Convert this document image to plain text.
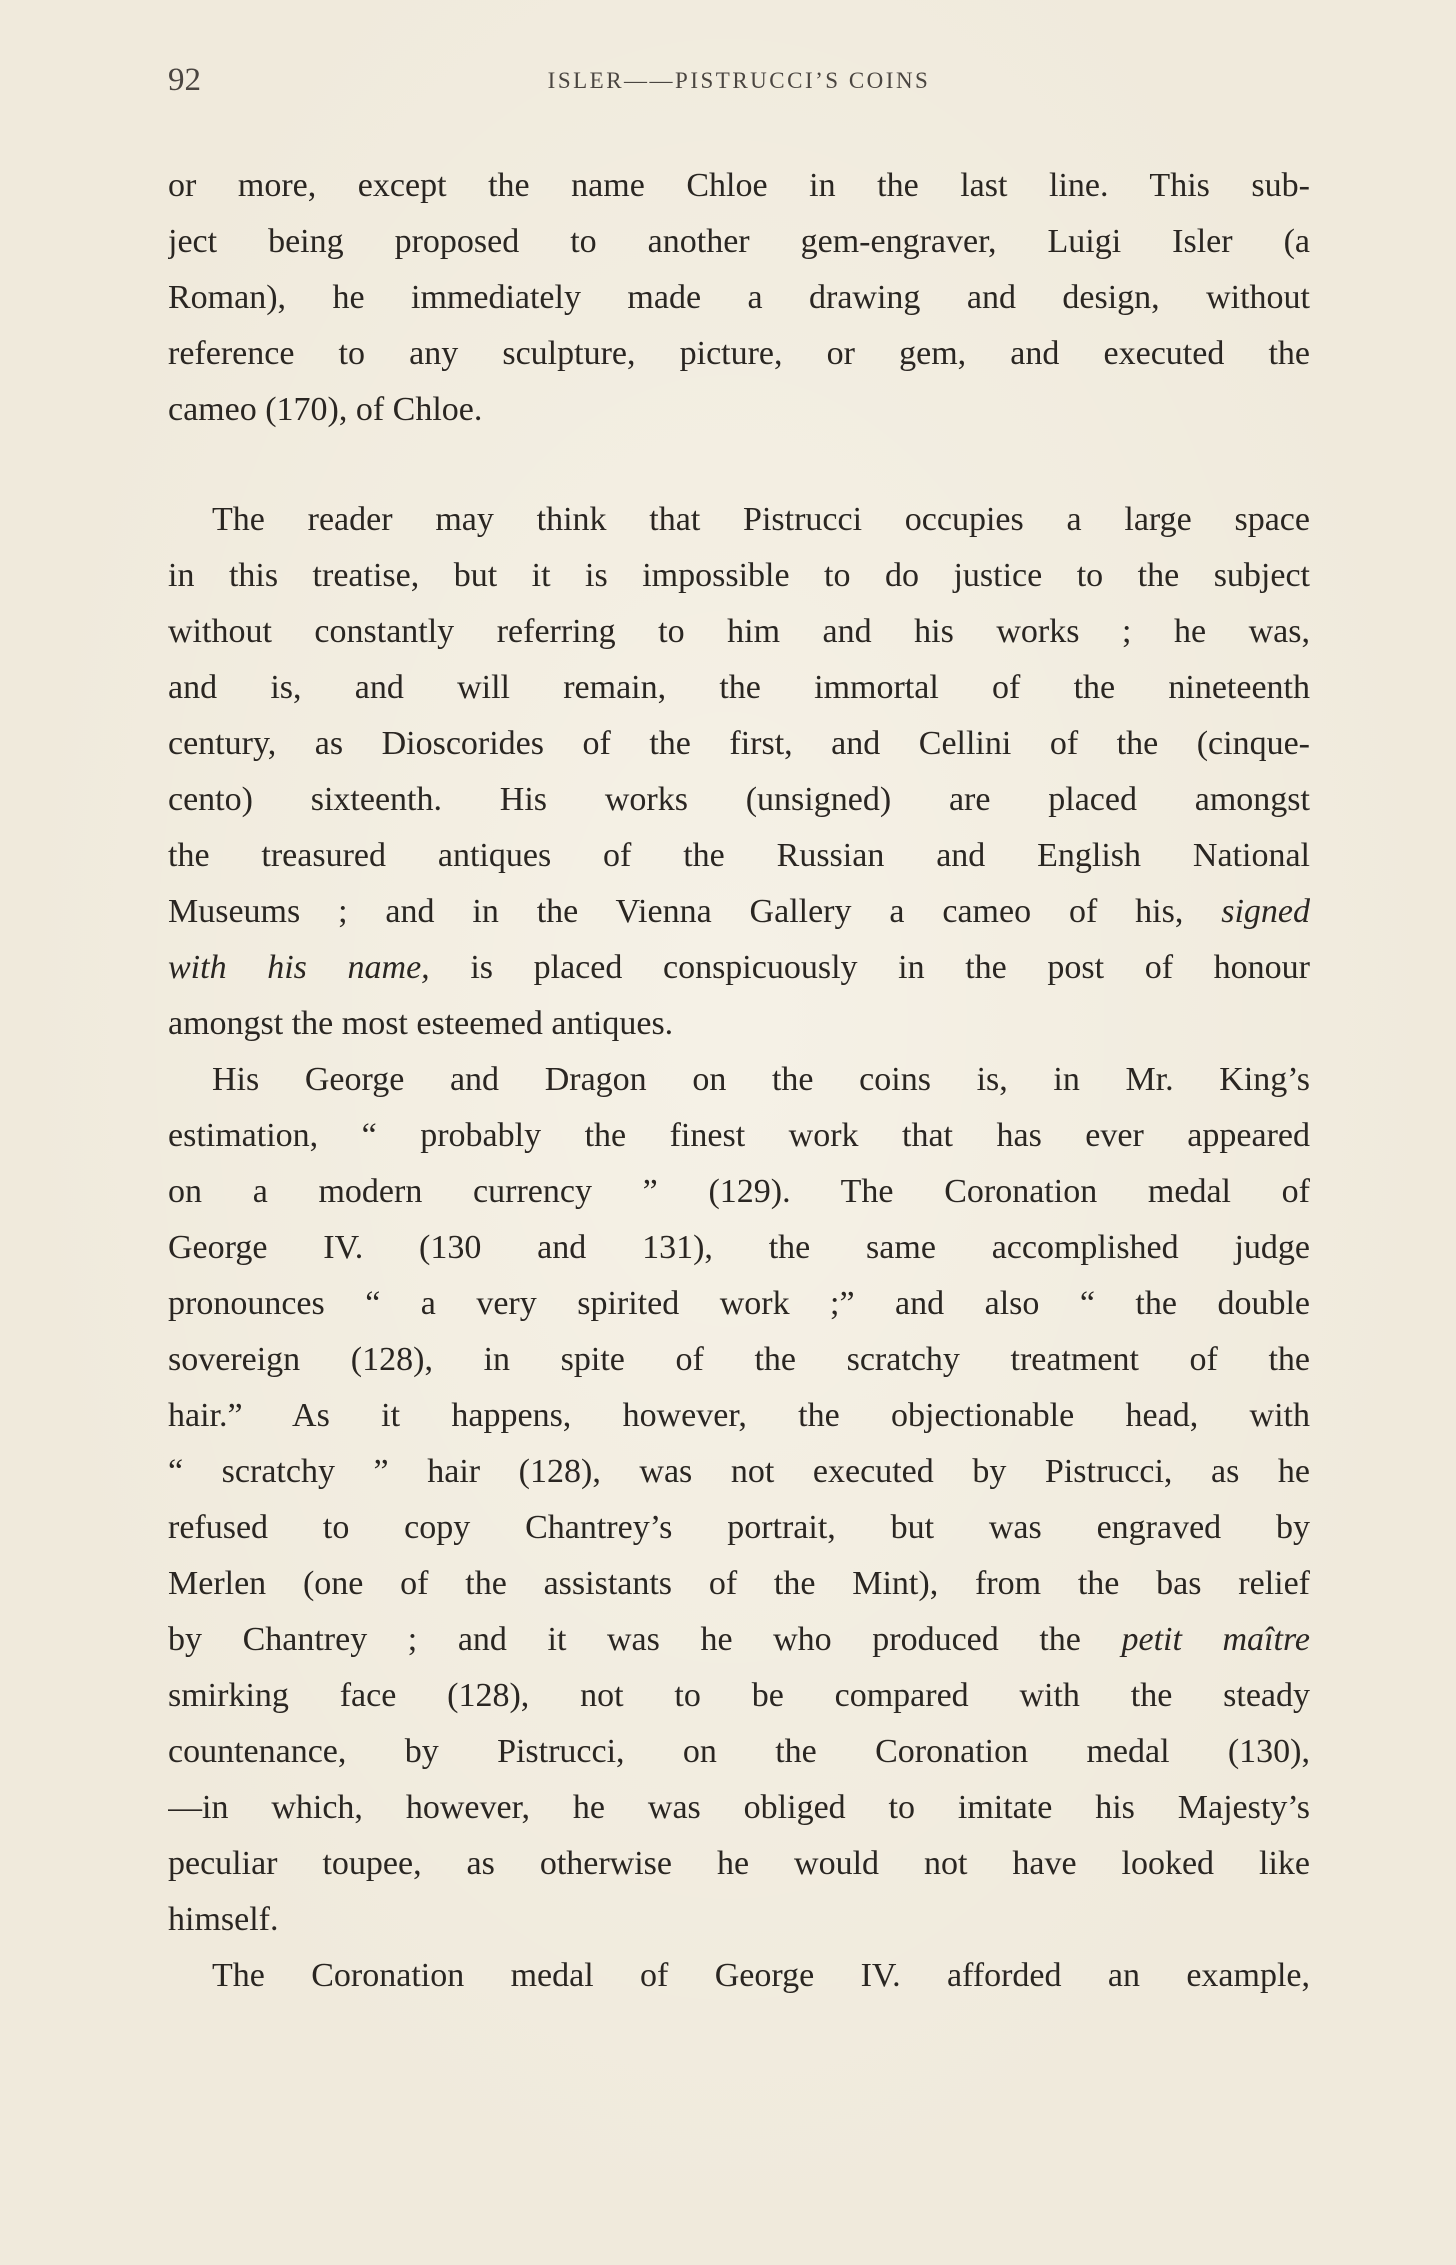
92	ISLER——PISTRUCCI’S COINS
or more, except the name Chloe in the last line. This sub-
ject being proposed to another gem-engraver, Luigi Isler (a
Roman), he immediately made a drawing and design, without
reference to any sculpture, picture, or gem, and executed the
cameo (170), of Chloe.
The reader may think that Pistrucci occupies a large space
in this treatise, but it is impossible to do justice to the subject
without constantly referring to him and his works ; he was,
and is, and will remain, the immortal of the nineteenth
century, as Dioscorides of the first, and Cellini of the (cinque-
cento) sixteenth. His works (unsigned) are placed amongst
the treasured antiques of the Russian and English National
Museums ; and in the Vienna Gallery a cameo of his, signed
with his name, is placed conspicuously in the post of honour
amongst the most esteemed antiques.
His George and Dragon on the coins is, in Mr. King’s
estimation, “ probably the finest work that has ever appeared
on a modern currency ” (129). The Coronation medal of
George IV. (130 and 131), the same accomplished judge
pronounces “ a very spirited work ;” and also “ the double
sovereign (128), in spite of the scratchy treatment of the
hair.” As it happens, however, the objectionable head, with
“ scratchy ” hair (128), was not executed by Pistrucci, as he
refused to copy Chantrey’s portrait, but was engraved by
Merlen (one of the assistants of the Mint), from the bas relief
by Chantrey ; and it was he who produced the petit maître
smirking face (128), not to be compared with the steady
countenance, by Pistrucci, on the Coronation medal (130),
—in which, however, he was obliged to imitate his Majesty’s
peculiar toupee, as otherwise he would not have looked like
himself.
The Coronation medal of George IV. afforded an example,
